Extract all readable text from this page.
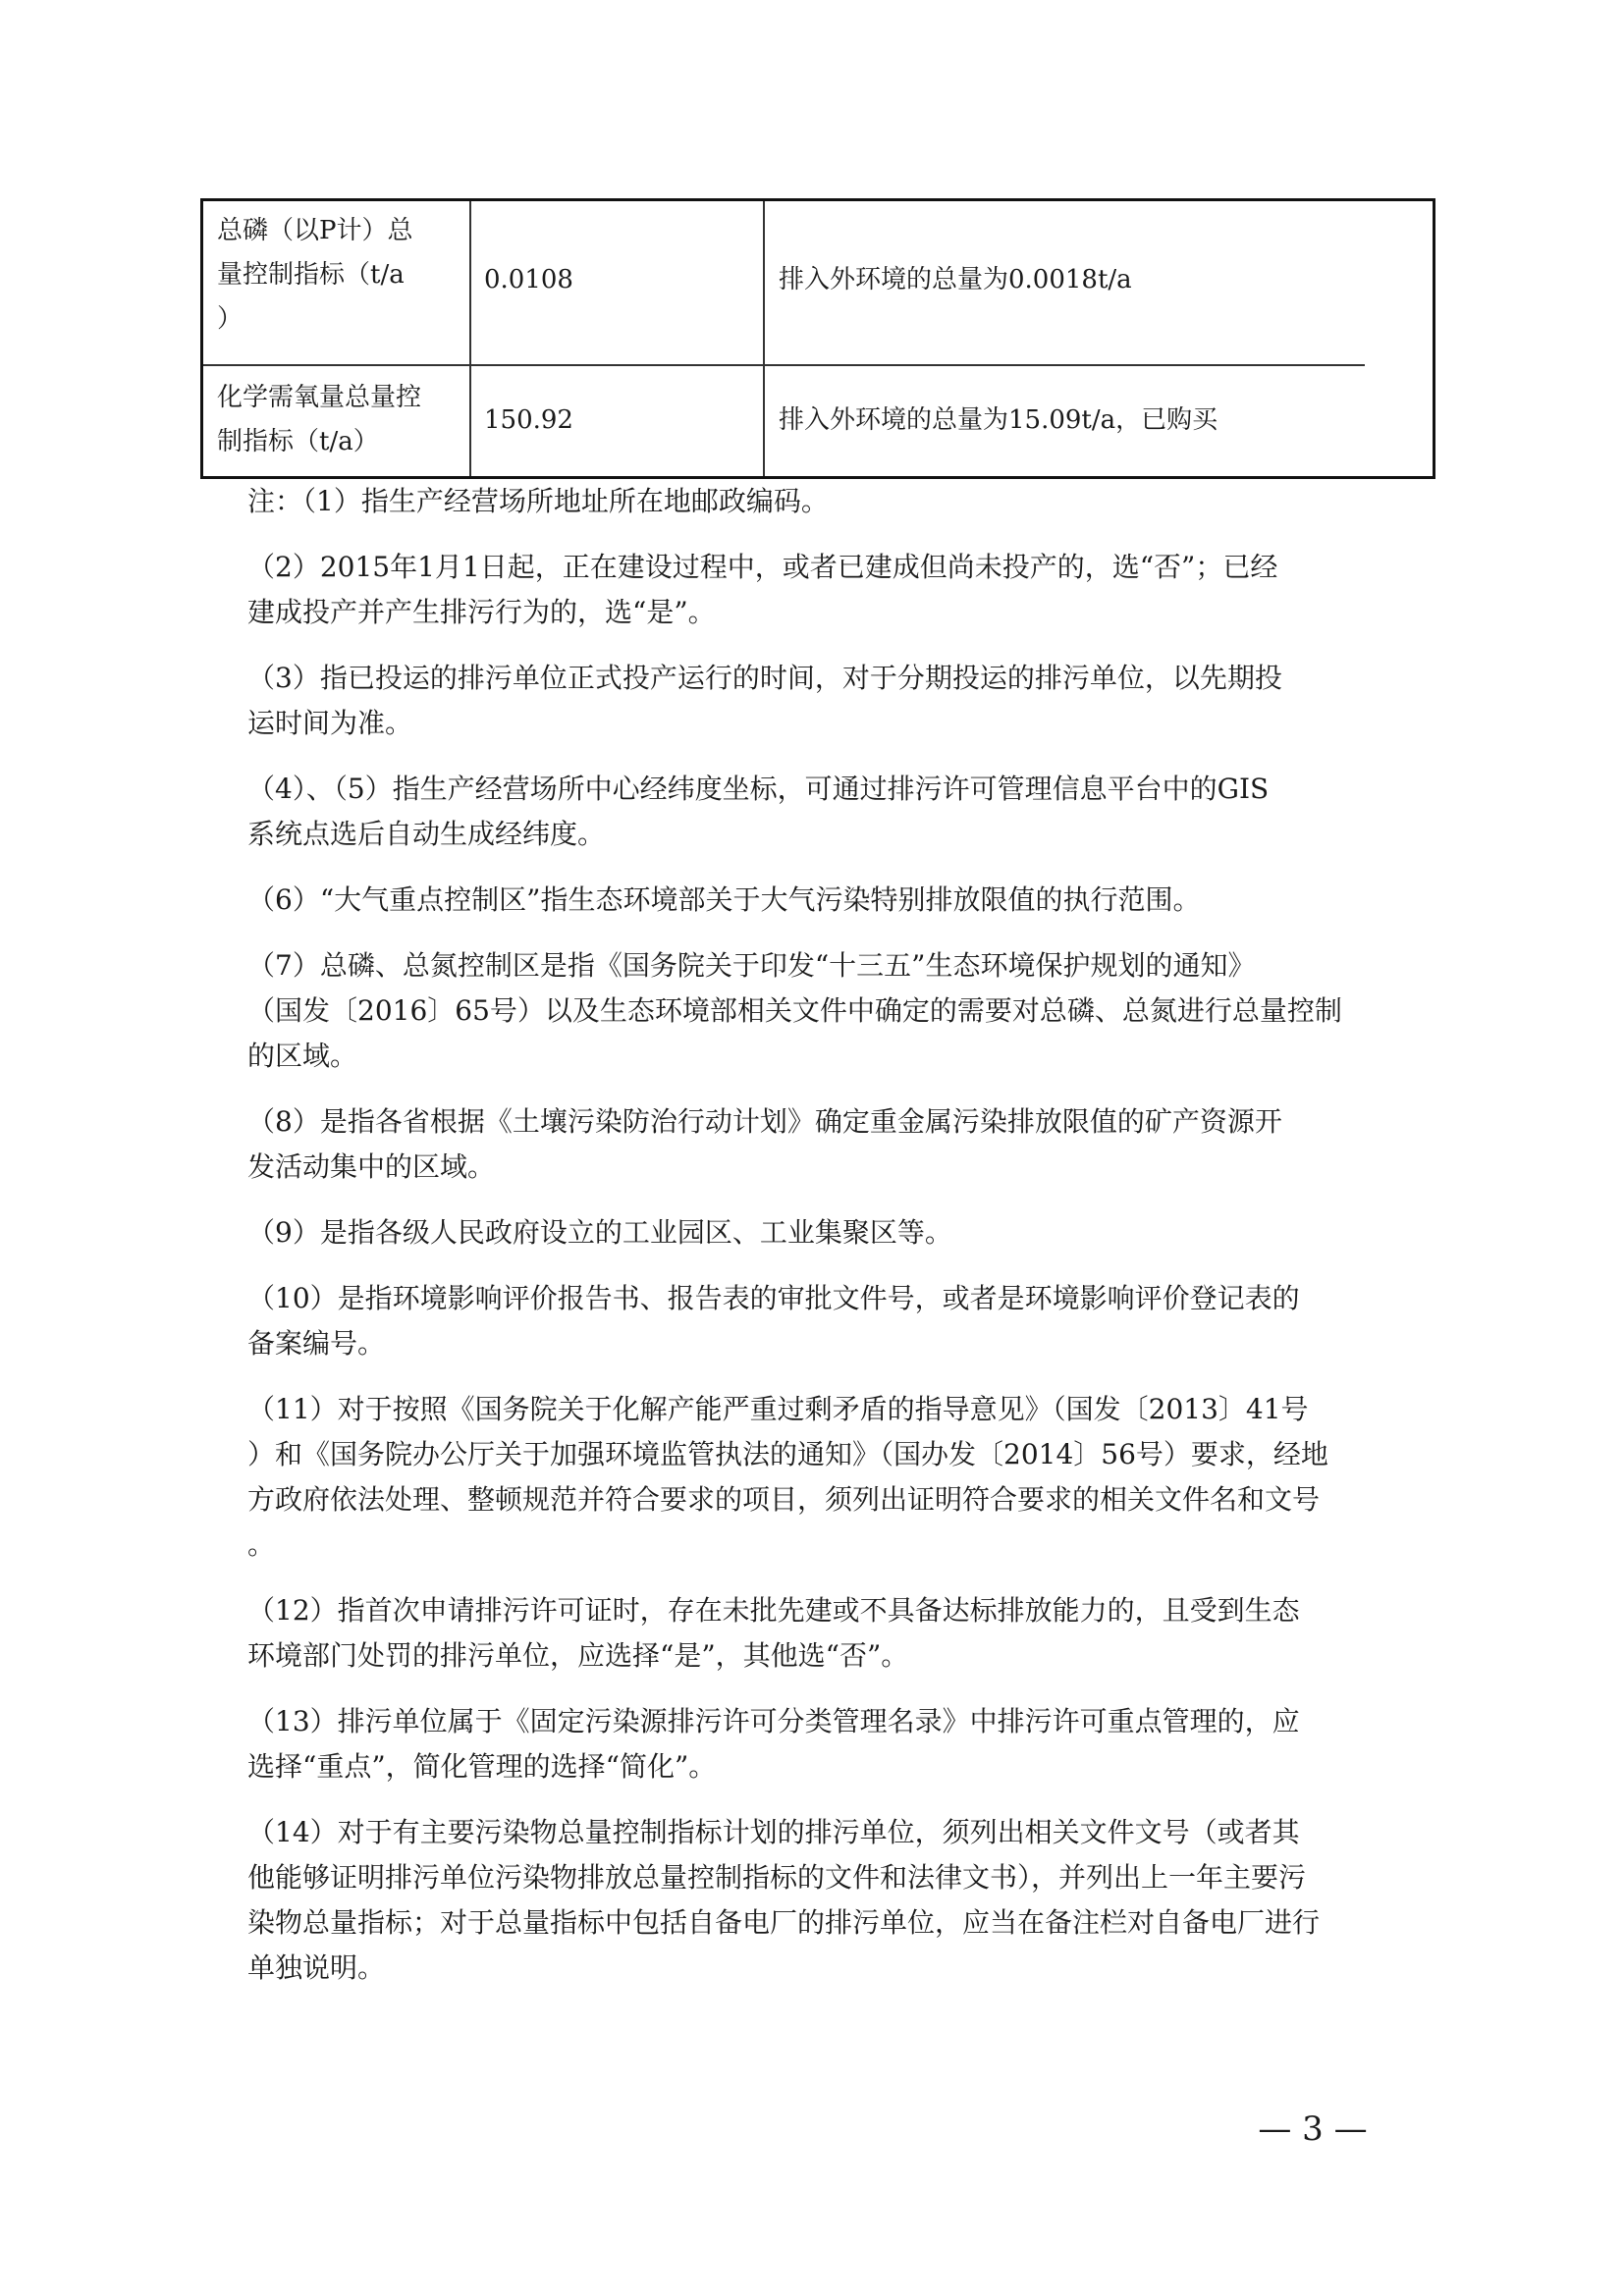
总磷（以P计）总
量控制指标（t/a
）
0.0108	排入外环境的总量为0.0018t/a
化学需氧量总量控
制指标（t/a）
150.92	排入外环境的总量为15.09t/a，已购买
注：（1）指生产经营场所地址所在地邮政编码。
（2）2015年1月1日起，正在建设过程中，或者已建成但尚未投产的，选“否”；已经
建成投产并产生排污行为的，选“是”。
（3）指已投运的排污单位正式投产运行的时间，对于分期投运的排污单位，以先期投
运时间为准。
（4）、（5）指生产经营场所中心经纬度坐标，可通过排污许可管理信息平台中的GIS
系统点选后自动生成经纬度。
（6）“大气重点控制区”指生态环境部关于大气污染特别排放限值的执行范围。
（7）总磷、总氮控制区是指《国务院关于印发“十三五”生态环境保护规划的通知》
（国发〔2016〕65号）以及生态环境部相关文件中确定的需要对总磷、总氮进行总量控制
的区域。
（8）是指各省根据《土壤污染防治行动计划》确定重金属污染排放限值的矿产资源开
发活动集中的区域。
（9）是指各级人民政府设立的工业园区、工业集聚区等。
（10）是指环境影响评价报告书、报告表的审批文件号，或者是环境影响评价登记表的
备案编号。
（11）对于按照《国务院关于化解产能严重过剩矛盾的指导意见》（国发〔2013〕41号
）和《国务院办公厅关于加强环境监管执法的通知》（国办发〔2014〕56号）要求，经地
方政府依法处理、整顿规范并符合要求的项目，须列出证明符合要求的相关文件名和文号
。
（12）指首次申请排污许可证时，存在未批先建或不具备达标排放能力的，且受到生态
环境部门处罚的排污单位，应选择“是”，其他选“否”。
（13）排污单位属于《固定污染源排污许可分类管理名录》中排污许可重点管理的，应
选择“重点”，简化管理的选择“简化”。
（14）对于有主要污染物总量控制指标计划的排污单位，须列出相关文件文号（或者其
他能够证明排污单位污染物排放总量控制指标的文件和法律文书），并列出上一年主要污
染物总量指标；对于总量指标中包括自备电厂的排污单位，应当在备注栏对自备电厂进行
单独说明。
— 3 —
